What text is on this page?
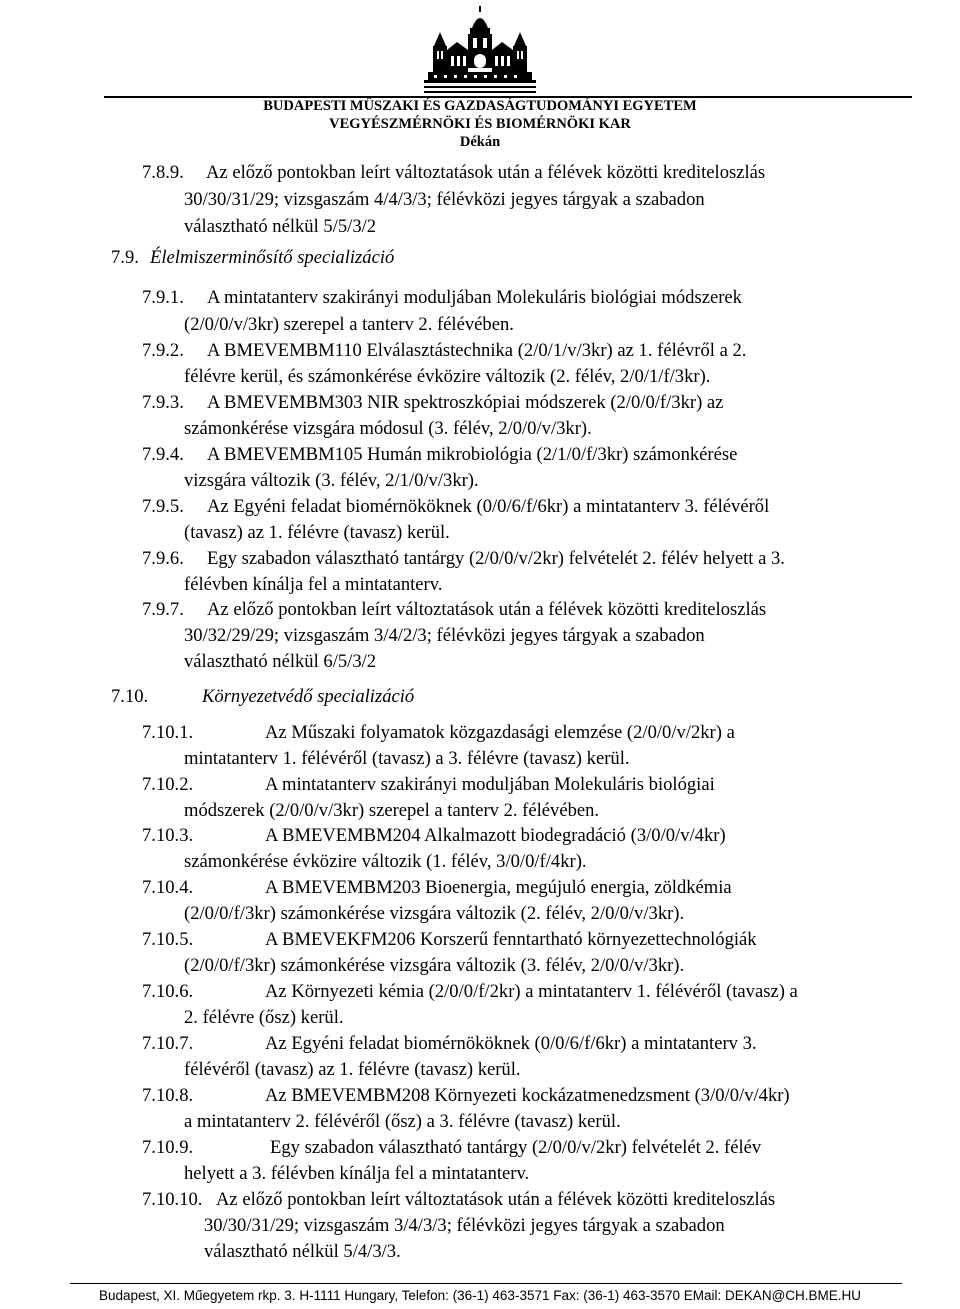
BUDAPESTI MŰSZAKI ÉS GAZDASÁGTUDOMÁNYI EGYETEM
VEGYÉSZMÉRNÖKI ÉS BIOMÉRNÖKI KAR
Dékán
7.8.9. Az előző pontokban leírt változtatások után a félévek közötti krediteloszlás
30/30/31/29; vizsgaszám 4/4/3/3; félévközi jegyes tárgyak a szabadon
választható nélkül 5/5/3/2
7.9. Élelmiszerminősítő specializáció
7.9.1. A mintatanterv szakirányi moduljában Molekuláris biológiai módszerek
(2/0/0/v/3kr) szerepel a tanterv 2. félévében.
7.9.2. A BMEVEMBM110 Elválasztástechnika (2/0/1/v/3kr) az 1. félévről a 2.
félévre kerül, és számonkérése évközire változik (2. félév, 2/0/1/f/3kr).
7.9.3. A BMEVEMBM303 NIR spektroszkópiai módszerek (2/0/0/f/3kr) az
számonkérése vizsgára módosul (3. félév, 2/0/0/v/3kr).
7.9.4. A BMEVEMBM105 Humán mikrobiológia (2/1/0/f/3kr) számonkérése
vizsgára változik (3. félév, 2/1/0/v/3kr).
7.9.5. Az Egyéni feladat biomérnököknek (0/0/6/f/6kr) a mintatanterv 3. félévéről
(tavasz) az 1. félévre (tavasz) kerül.
7.9.6. Egy szabadon választható tantárgy (2/0/0/v/2kr) felvételét 2. félév helyett a 3.
félévben kínálja fel a mintatanterv.
7.9.7. Az előző pontokban leírt változtatások után a félévek közötti krediteloszlás
30/32/29/29; vizsgaszám 3/4/2/3; félévközi jegyes tárgyak a szabadon
választható nélkül 6/5/3/2
7.10.	Környezetvédő specializáció
7.10.1.	Az Műszaki folyamatok közgazdasági elemzése (2/0/0/v/2kr) a
mintatanterv 1. félévéről (tavasz) a 3. félévre (tavasz) kerül.
7.10.2.	A mintatanterv szakirányi moduljában Molekuláris biológiai
módszerek (2/0/0/v/3kr) szerepel a tanterv 2. félévében.
7.10.3.	A BMEVEMBM204 Alkalmazott biodegradáció (3/0/0/v/4kr)
számonkérése évközire változik (1. félév, 3/0/0/f/4kr).
7.10.4.	A BMEVEMBM203 Bioenergia, megújuló energia, zöldkémia
(2/0/0/f/3kr) számonkérése vizsgára változik (2. félév, 2/0/0/v/3kr).
7.10.5.	A BMEVEKFM206 Korszerű fenntartható környezettechnológiák
(2/0/0/f/3kr) számonkérése vizsgára változik (3. félév, 2/0/0/v/3kr).
7.10.6.	Az Környezeti kémia (2/0/0/f/2kr) a mintatanterv 1. félévéről (tavasz) a
2. félévre (ősz) kerül.
7.10.7.	Az Egyéni feladat biomérnököknek (0/0/6/f/6kr) a mintatanterv 3.
félévéről (tavasz) az 1. félévre (tavasz) kerül.
7.10.8.	Az BMEVEMBM208 Környezeti kockázatmenedzsment (3/0/0/v/4kr)
a mintatanterv 2. félévéről (ősz) a 3. félévre (tavasz) kerül.
7.10.9.	Egy szabadon választható tantárgy (2/0/0/v/2kr) felvételét 2. félév
helyett a 3. félévben kínálja fel a mintatanterv.
7.10.10. Az előző pontokban leírt változtatások után a félévek közötti krediteloszlás
30/30/31/29; vizsgaszám 3/4/3/3; félévközi jegyes tárgyak a szabadon
választható nélkül 5/4/3/3.
Budapest, XI. Műegyetem rkp. 3. H-1111 Hungary, Telefon: (36-1) 463-3571 Fax: (36-1) 463-3570 EMail: DEKAN@CH.BME.HU
